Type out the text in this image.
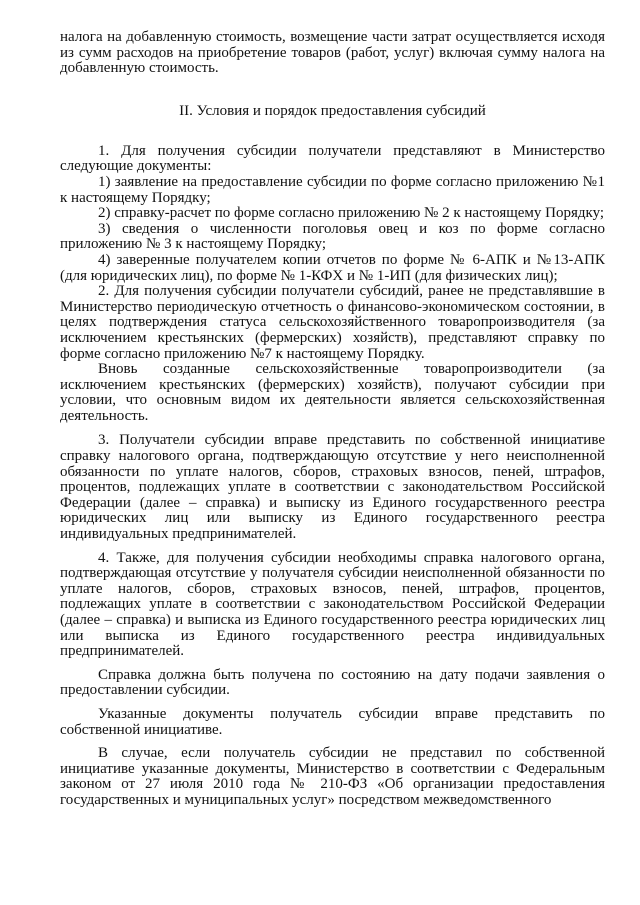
налога на добавленную стоимость, возмещение части затрат осуществляется исходя из сумм расходов на приобретение товаров (работ, услуг) включая сумму налога на добавленную стоимость.

II. Условия и порядок предоставления субсидий

1. Для получения субсидии получатели представляют в Министерство следующие документы:

1) заявление на предоставление субсидии по форме согласно приложению №1 к настоящему Порядку;

2) справку-расчет по форме согласно приложению № 2 к настоящему Порядку;

3) сведения о численности поголовья овец и коз по форме согласно приложению № 3 к настоящему Порядку;

4) заверенные получателем копии отчетов по форме № 6-АПК и №13-АПК (для юридических лиц), по форме № 1-КФХ и № 1-ИП (для физических лиц);

2. Для получения субсидии получатели субсидий, ранее не представлявшие в Министерство периодическую отчетность о финансово-экономическом состоянии, в целях подтверждения статуса сельскохозяйственного товаропроизводителя (за исключением крестьянских (фермерских) хозяйств), представляют справку по форме согласно приложению №7 к настоящему Порядку.

Вновь созданные сельскохозяйственные товаропроизводители (за исключением крестьянских (фермерских) хозяйств), получают субсидии при условии, что основным видом их деятельности является сельскохозяйственная деятельность.

3. Получатели субсидии вправе представить по собственной инициативе справку налогового органа, подтверждающую отсутствие у него неисполненной обязанности по уплате налогов, сборов, страховых взносов, пеней, штрафов, процентов, подлежащих уплате в соответствии с законодательством Российской Федерации (далее – справка) и выписку из Единого государственного реестра юридических лиц или выписку из Единого государственного реестра индивидуальных предпринимателей.

4. Также, для получения субсидии необходимы справка налогового органа, подтверждающая отсутствие у получателя субсидии неисполненной обязанности по уплате налогов, сборов, страховых взносов, пеней, штрафов, процентов, подлежащих уплате в соответствии с законодательством Российской Федерации (далее – справка) и выписка из Единого государственного реестра юридических лиц или выписка из Единого государственного реестра индивидуальных предпринимателей.

Справка должна быть получена по состоянию на дату подачи заявления о предоставлении субсидии.

Указанные документы получатель субсидии вправе представить по собственной инициативе.

В случае, если получатель субсидии не представил по собственной инициативе указанные документы, Министерство в соответствии с Федеральным законом от 27 июля 2010 года № 210-ФЗ «Об организации предоставления государственных и муниципальных услуг» посредством межведомственного
